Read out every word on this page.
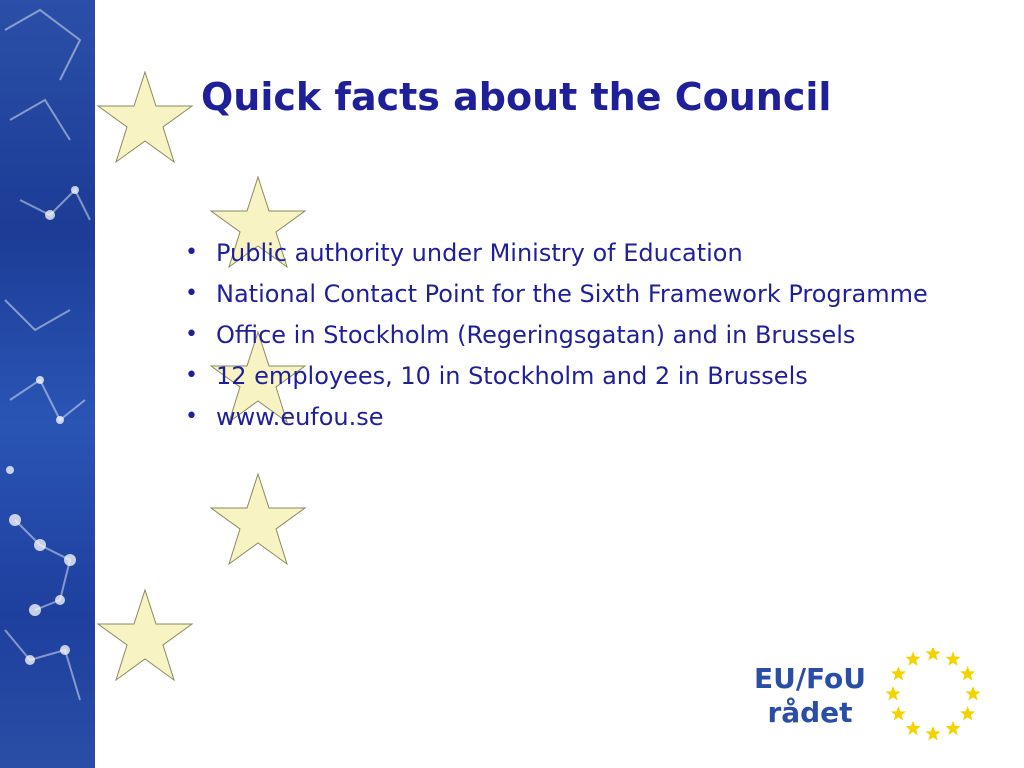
Quick facts about the Council
• Public authority under Ministry of Education
• National Contact Point for the Sixth Framework Programme
• Office in Stockholm (Regeringsgatan) and in Brussels
• 12 employees, 10 in Stockholm and 2 in Brussels
• www.eufou.se
EU/FoU
rådet
